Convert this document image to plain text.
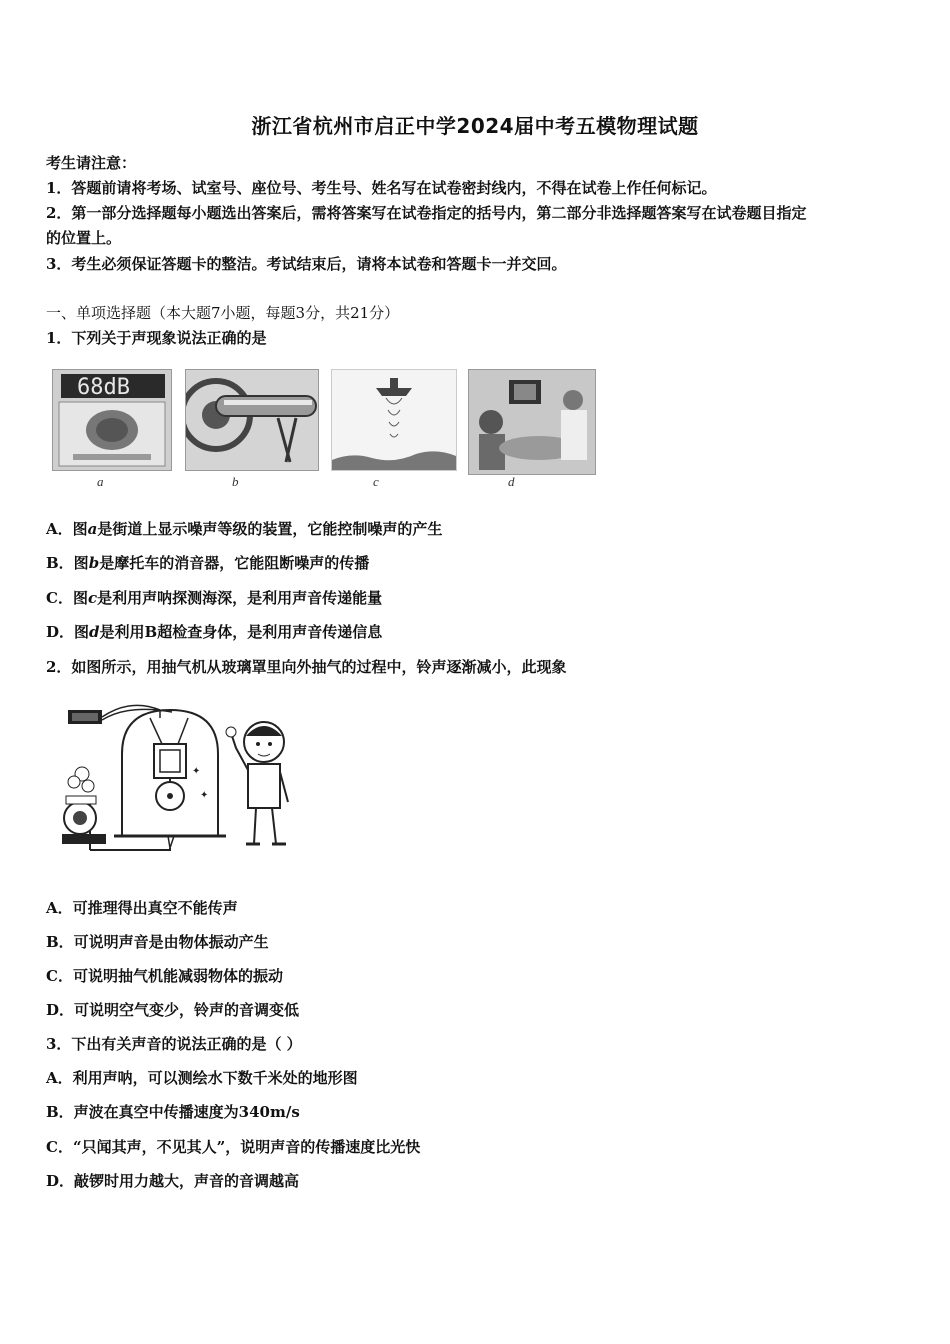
浙江省杭州市启正中学2024届中考五模物理试题
考生请注意：
1．答题前请将考场、试室号、座位号、考生号、姓名写在试卷密封线内，不得在试卷上作任何标记。
2．第一部分选择题每小题选出答案后，需将答案写在试卷指定的括号内，第二部分非选择题答案写在试卷题目指定
的位置上。
3．考生必须保证答题卡的整洁。考试结束后，请将本试卷和答题卡一并交回。
一、单项选择题（本大题7小题，每题3分，共21分）
1．下列关于声现象说法正确的是
68dB
a	b	c	d
A．图a是街道上显示噪声等级的装置，它能控制噪声的产生
B．图b是摩托车的消音器，它能阻断噪声的传播
C．图c是利用声呐探测海深，是利用声音传递能量
D．图d是利用B超检查身体，是利用声音传递信息
2．如图所示，用抽气机从玻璃罩里向外抽气的过程中，铃声逐渐减小，此现象
✦
✦
A．可推理得出真空不能传声
B．可说明声音是由物体振动产生
C．可说明抽气机能减弱物体的振动
D．可说明空气变少，铃声的音调变低
3．下出有关声音的说法正确的是（ ）
A．利用声呐，可以测绘水下数千米处的地形图
B．声波在真空中传播速度为340m/s
C．“只闻其声，不见其人”，说明声音的传播速度比光快
D．敲锣时用力越大，声音的音调越高
